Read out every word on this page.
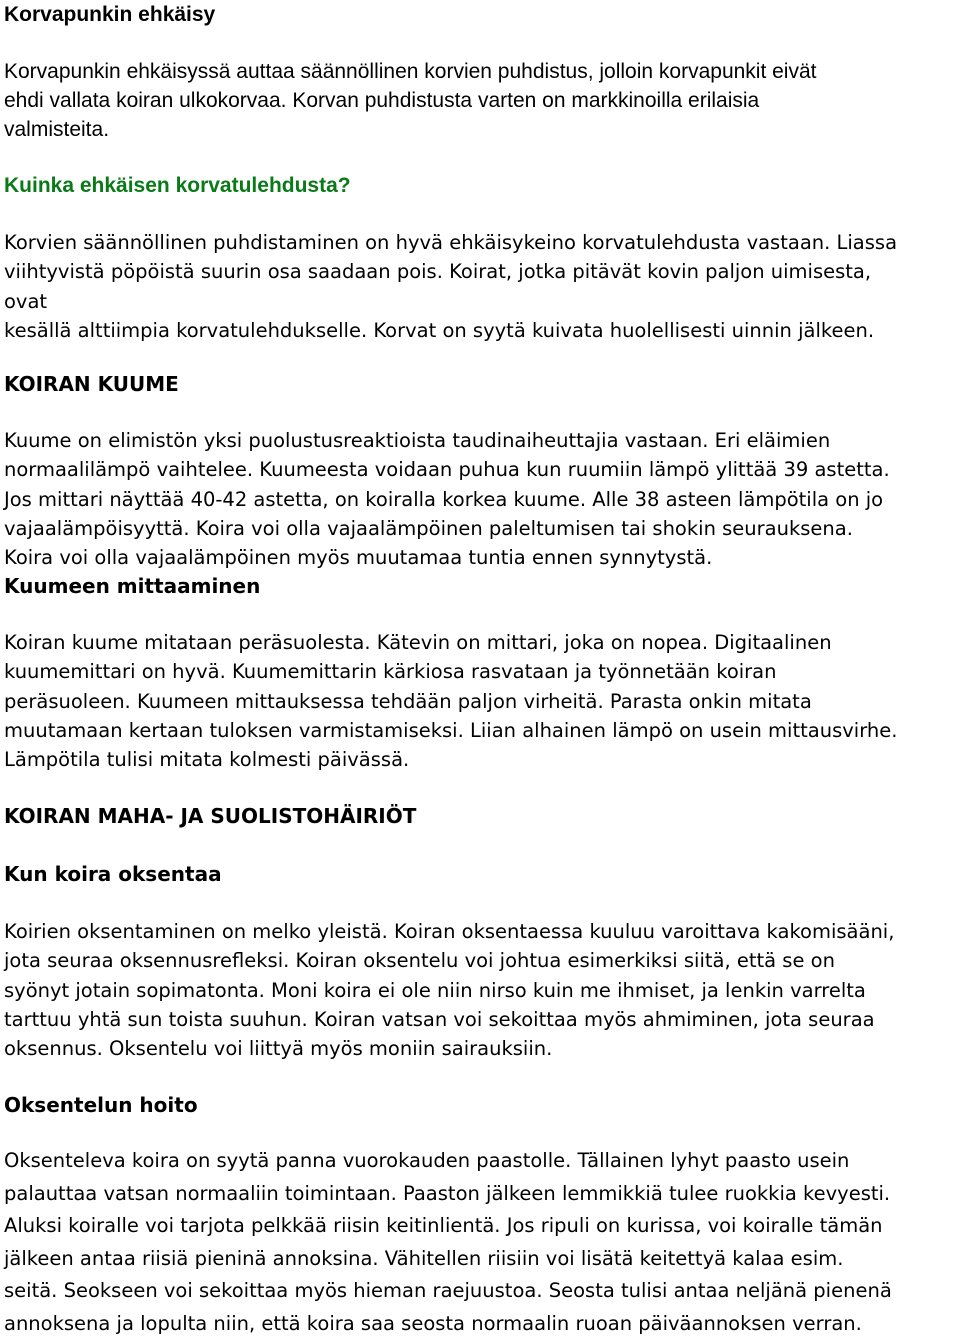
Korvapunkin ehkäisy
Korvapunkin ehkäisyssä auttaa säännöllinen korvien puhdistus, jolloin korvapunkit eivät
ehdi vallata koiran ulkokorvaa. Korvan puhdistusta varten on markkinoilla erilaisia
valmisteita.
Kuinka ehkäisen korvatulehdusta?
Korvien säännöllinen puhdistaminen on hyvä ehkäisykeino korvatulehdusta vastaan. Liassa
viihtyvistä pöpöistä suurin osa saadaan pois. Koirat, jotka pitävät kovin paljon uimisesta,
ovat
kesällä alttiimpia korvatulehdukselle. Korvat on syytä kuivata huolellisesti uinnin jälkeen.
KOIRAN KUUME
Kuume on elimistön yksi puolustusreaktioista taudinaiheuttajia vastaan. Eri eläimien
normaalilämpö vaihtelee. Kuumeesta voidaan puhua kun ruumiin lämpö ylittää 39 astetta.
Jos mittari näyttää 40-42 astetta, on koiralla korkea kuume. Alle 38 asteen lämpötila on jo
vajaalämpöisyyttä. Koira voi olla vajaalämpöinen paleltumisen tai shokin seurauksena.
Koira voi olla vajaalämpöinen myös muutamaa tuntia ennen synnytystä.
Kuumeen mittaaminen
Koiran kuume mitataan peräsuolesta. Kätevin on mittari, joka on nopea. Digitaalinen
kuumemittari on hyvä. Kuumemittarin kärkiosa rasvataan ja työnnetään koiran
peräsuoleen. Kuumeen mittauksessa tehdään paljon virheitä. Parasta onkin mitata
muutamaan kertaan tuloksen varmistamiseksi. Liian alhainen lämpö on usein mittausvirhe.
Lämpötila tulisi mitata kolmesti päivässä.
KOIRAN MAHA- JA SUOLISTOHÄIRIÖT
Kun koira oksentaa
Koirien oksentaminen on melko yleistä. Koiran oksentaessa kuuluu varoittava kakomisääni,
jota seuraa oksennusrefleksi. Koiran oksentelu voi johtua esimerkiksi siitä, että se on
syönyt jotain sopimatonta. Moni koira ei ole niin nirso kuin me ihmiset, ja lenkin varrelta
tarttuu yhtä sun toista suuhun. Koiran vatsan voi sekoittaa myös ahmiminen, jota seuraa
oksennus. Oksentelu voi liittyä myös moniin sairauksiin.
Oksentelun hoito
Oksenteleva koira on syytä panna vuorokauden paastolle. Tällainen lyhyt paasto usein
palauttaa vatsan normaaliin toimintaan. Paaston jälkeen lemmikkiä tulee ruokkia kevyesti.
Aluksi koiralle voi tarjota pelkkää riisin keitinlientä. Jos ripuli on kurissa, voi koiralle tämän
jälkeen antaa riisiä pieninä annoksina. Vähitellen riisiin voi lisätä keitettyä kalaa esim.
seitä. Seokseen voi sekoittaa myös hieman raejuustoa. Seosta tulisi antaa neljänä pienenä
annoksena ja lopulta niin, että koira saa seosta normaalin ruoan päiväannoksen verran.
